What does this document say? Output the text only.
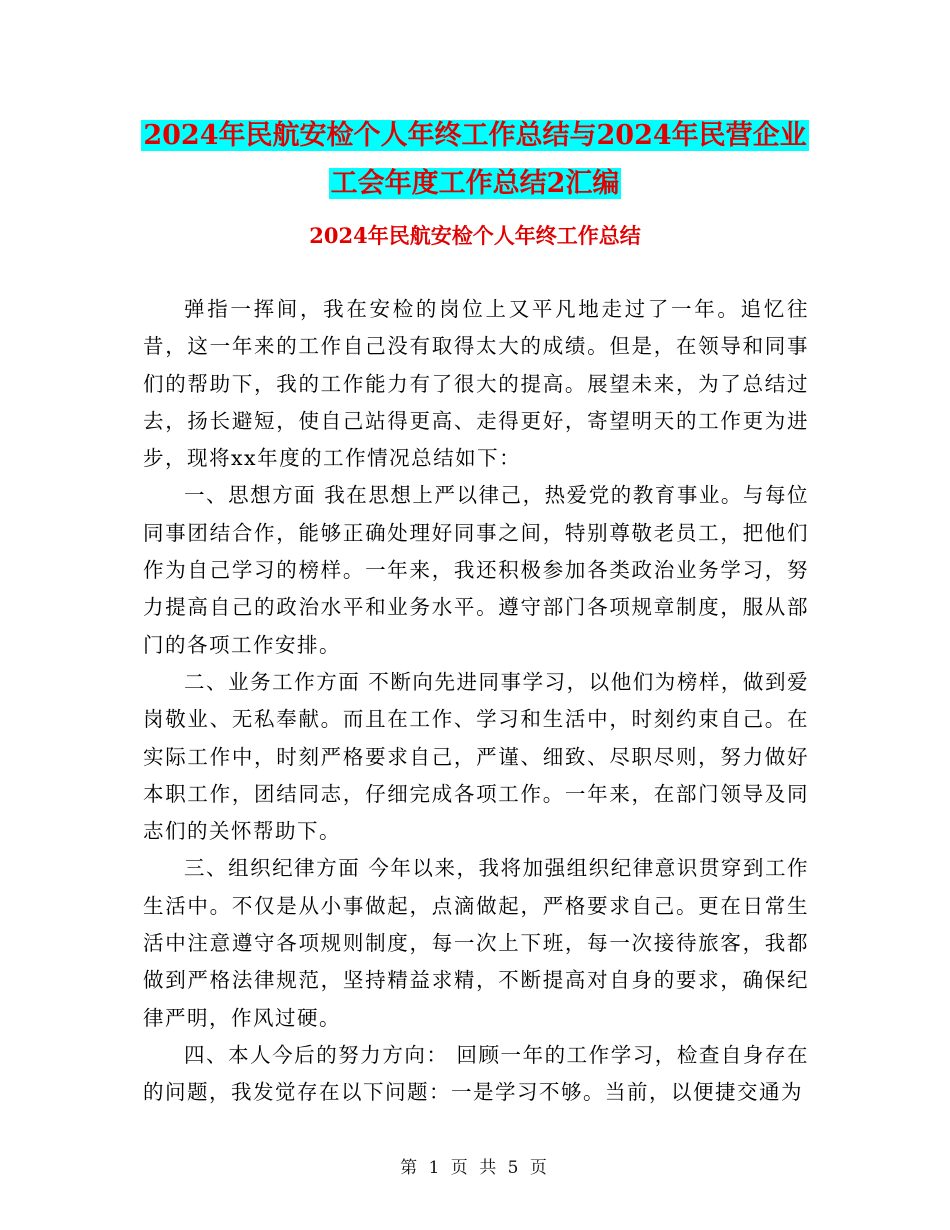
2024年民航安检个人年终工作总结与2024年民营企业
工会年度工作总结2汇编
2024年民航安检个人年终工作总结

弹指一挥间，我在安检的岗位上又平凡地走过了一年。追忆往昔，这一年来的工作自己没有取得太大的成绩。但是，在领导和同事们的帮助下，我的工作能力有了很大的提高。展望未来，为了总结过去，扬长避短，使自己站得更高、走得更好，寄望明天的工作更为进步，现将xx年度的工作情况总结如下：

一、思想方面 我在思想上严以律己，热爱党的教育事业。与每位同事团结合作，能够正确处理好同事之间，特别尊敬老员工，把他们作为自己学习的榜样。一年来，我还积极参加各类政治业务学习，努力提高自己的政治水平和业务水平。遵守部门各项规章制度，服从部门的各项工作安排。

二、业务工作方面 不断向先进同事学习，以他们为榜样，做到爱岗敬业、无私奉献。而且在工作、学习和生活中，时刻约束自己。在实际工作中，时刻严格要求自己，严谨、细致、尽职尽则，努力做好本职工作，团结同志，仔细完成各项工作。一年来，在部门领导及同志们的关怀帮助下。

三、组织纪律方面 今年以来，我将加强组织纪律意识贯穿到工作生活中。不仅是从小事做起，点滴做起，严格要求自己。更在日常生活中注意遵守各项规则制度，每一次上下班，每一次接待旅客，我都做到严格法律规范，坚持精益求精，不断提高对自身的要求，确保纪律严明，作风过硬。

四、本人今后的努力方向： 回顾一年的工作学习，检查自身存在的问题，我发觉存在以下问题：一是学习不够。当前，以便捷交通为

第 1 页 共 5 页
